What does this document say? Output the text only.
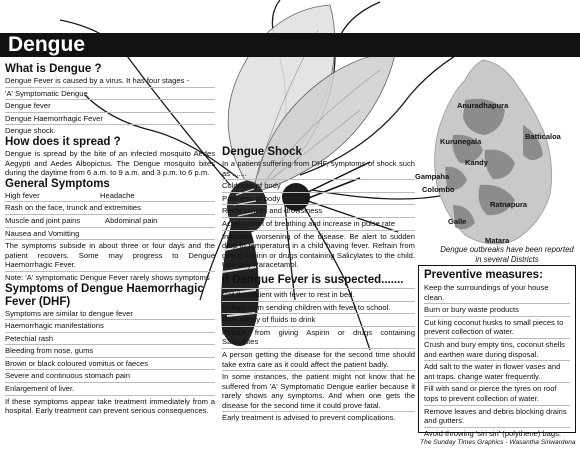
Dengue
What is Dengue ?
Dengue Fever is caused by a virus. It has four stages -
'A' Symptomatic Dengue
Dengue fever
Dengue Haemorrhagic Fever
Dengue shock.
How does it spread ?
Dengue is spread by the bite of an infected mosquito Aedes Aegypti and Aedes Albopictus. The Dengue mosquito bites during the daytime from 6 a.m. to 9 a.m. and 3 p.m. to 6 p.m.
General Symptoms
High fever	Headache
Rash on the face, trunck and extremities
Muscle and joint pains	Abdominal pain
Nausea and Vomitting
The symptoms subside in about three or four days and the patient recovers. Some may progress to Dengue Haemorrhagic Fever.
Note: 'A' symptomatic Dengue Fever rarely shows symptoms
Symptoms of Dengue Haemorrhagic
Fever (DHF)
Symptoms are similar to dengue fever
Haemorrhagic manifestations
Petechial rash
Bleeding from nose, gums
Brown or black coloured vomitus or faeces
Severe and continuous stomach pain
Enlargement of liver.
If these symptoms appear take treatment immediately from a hospital. Early treatment can prevent serious consequences.
Dengue Shock
In a patient suffering from DHF, symptoms of shock such as .......
Coldness of body
Paleness of body
Restlessness and drowsiness
Acceleration of breathing and increase in pulse rate
Indicates worsening of the disease. Be alert to sudden drop in temperature in a child having fever. Refrain from giving Aspirin or drugs containing Salicylates to the child. Use only Paracetamol.
If Dengue Fever is suspected.......
Get the patient with fever to rest in bed.
Refrain from sending children with fever to school.
Give plenty of fluids to drink
Refrain from giving Aspirin or drugs containing Salicylates
A person getting the disease for the second time should take extra care as it could affect the patient badly.
In some instances, the patient might not know that he suffered from 'A' Symptomatic Dengue earlier because it rarely shows any symptoms. And when one gets the disease for the second time it could prove fatal.
Early treatment is advised to prevent complications.
Anuradhapura
Batticaloa
Kurunegala
Kandy
Gampaha
Colombo
Ratnapura
Galle
Matara
Dengue outbreaks have been reported in several Districts
Preventive measures:

Keep the surroundings of your house clean.

Burn or bury waste products

Cut king coconut husks to small pieces to prevent collection of water.

Crush and bury empty tins, coconut shells and earthen ware during disposal.

Add salt to the water in flower vases and ant traps. change water frequently.

Fill with sand or pierce the tyres on roof tops to prevent collection of water.

Remove leaves and debris blocking drains and gutters.

Avoid throwing 'siri siri' (polythene) bags.

The Sunday Times Graphics - Wasantha Siriwardena
